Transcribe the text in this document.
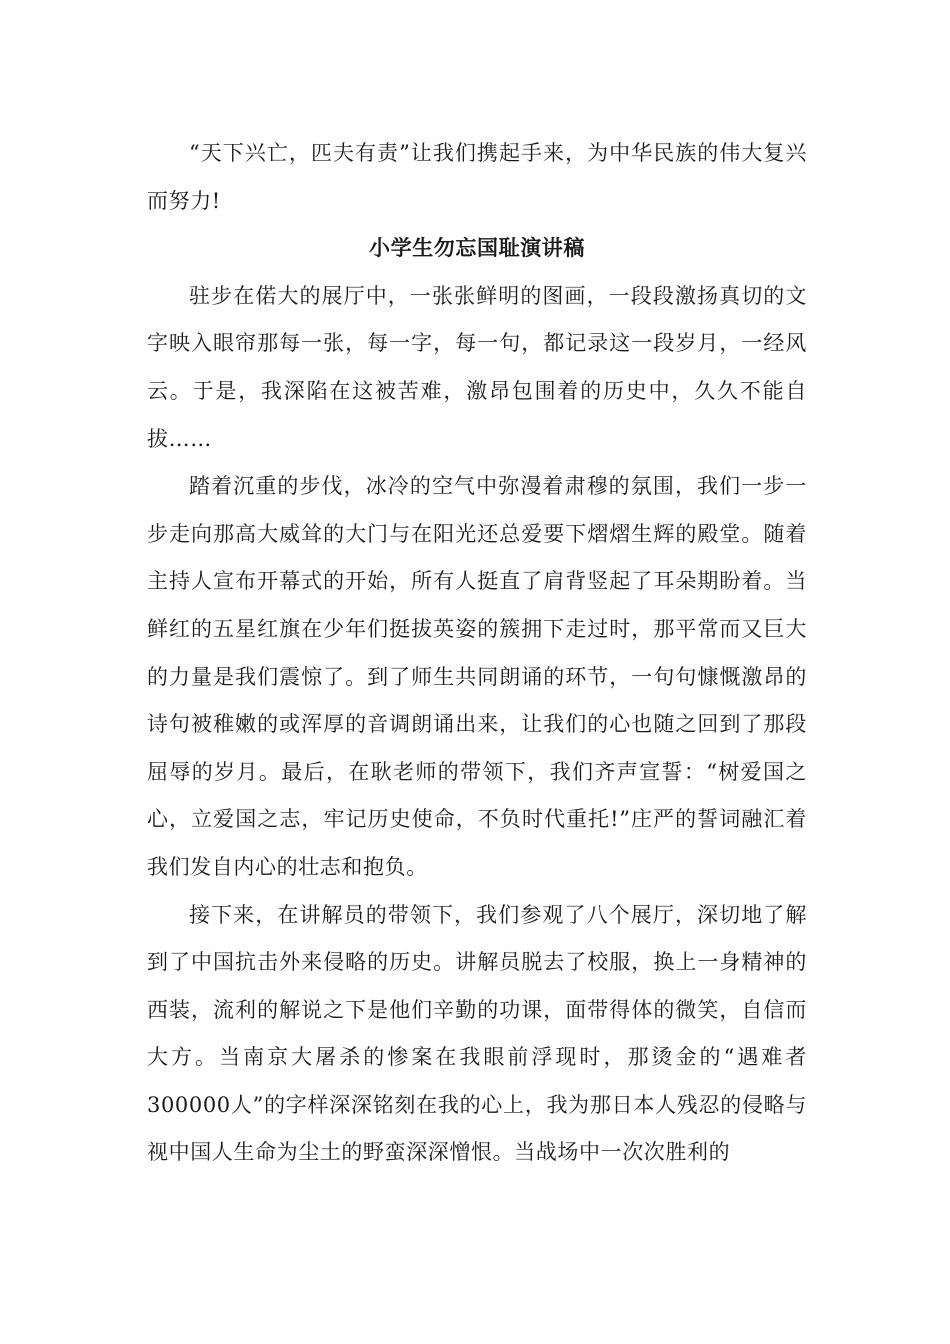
“天下兴亡，匹夫有责”让我们携起手来，为中华民族的伟大复兴而努力!

小学生勿忘国耻演讲稿

驻步在偌大的展厅中，一张张鲜明的图画，一段段激扬真切的文字映入眼帘那每一张，每一字，每一句，都记录这一段岁月，一经风云。于是，我深陷在这被苦难，激昂包围着的历史中，久久不能自拔……

踏着沉重的步伐，冰冷的空气中弥漫着肃穆的氛围，我们一步一步走向那高大威耸的大门与在阳光还总爱要下熠熠生辉的殿堂。随着主持人宣布开幕式的开始，所有人挺直了肩背竖起了耳朵期盼着。当鲜红的五星红旗在少年们挺拔英姿的簇拥下走过时，那平常而又巨大的力量是我们震惊了。到了师生共同朗诵的环节，一句句慷慨激昂的诗句被稚嫩的或浑厚的音调朗诵出来，让我们的心也随之回到了那段屈辱的岁月。最后，在耿老师的带领下，我们齐声宣誓：“树爱国之心，立爱国之志，牢记历史使命，不负时代重托!”庄严的誓词融汇着我们发自内心的壮志和抱负。

接下来，在讲解员的带领下，我们参观了八个展厅，深切地了解到了中国抗击外来侵略的历史。讲解员脱去了校服，换上一身精神的西装，流利的解说之下是他们辛勤的功课，面带得体的微笑，自信而大方。当南京大屠杀的惨案在我眼前浮现时，那烫金的“遇难者300000人”的字样深深铭刻在我的心上，我为那日本人残忍的侵略与视中国人生命为尘土的野蛮深深憎恨。当战场中一次次胜利的
